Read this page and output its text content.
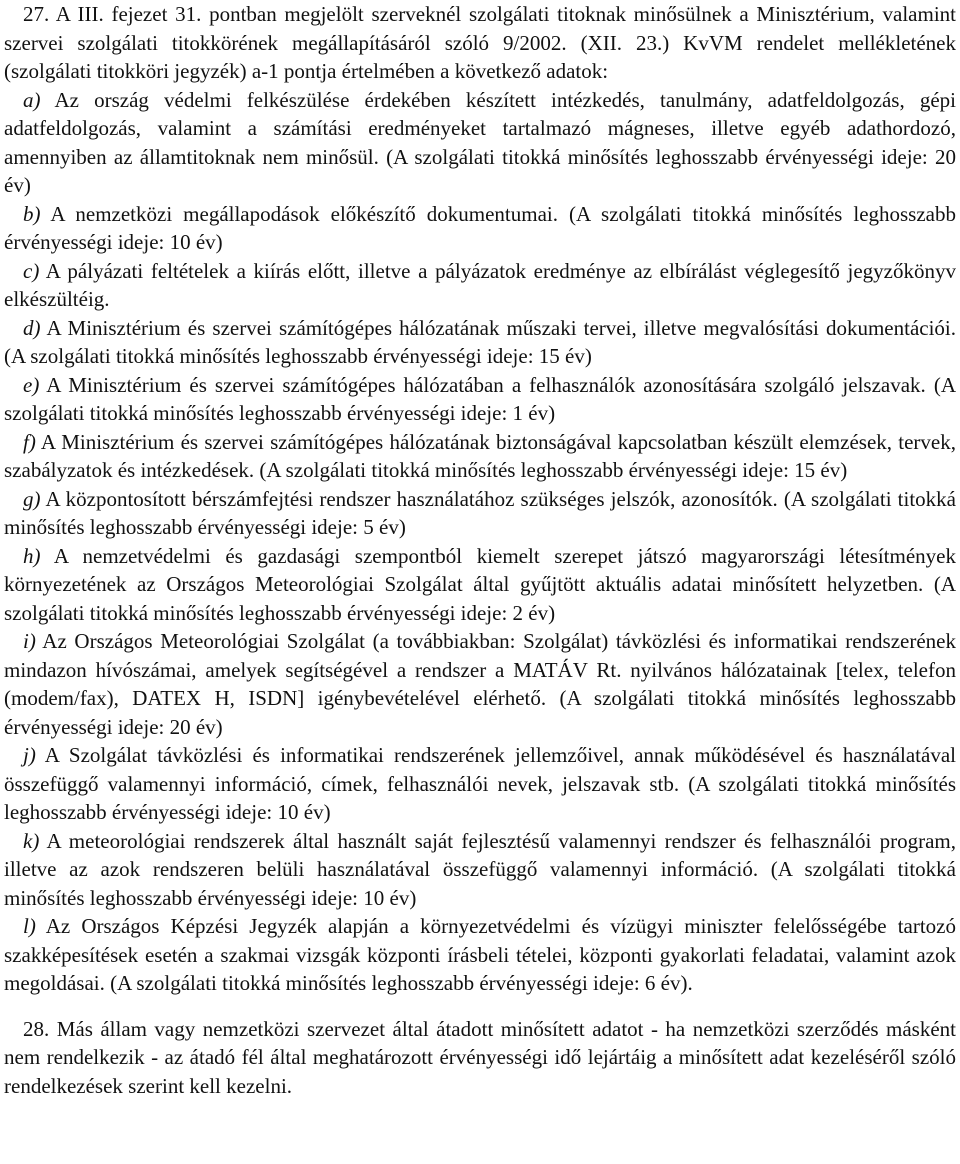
27. A III. fejezet 31. pontban megjelölt szerveknél szolgálati titoknak minősülnek a Minisztérium, valamint szervei szolgálati titokkörének megállapításáról szóló 9/2002. (XII. 23.) KvVM rendelet mellékletének (szolgálati titokköri jegyzék) a-1 pontja értelmében a következő adatok:

a) Az ország védelmi felkészülése érdekében készített intézkedés, tanulmány, adatfeldolgozás, gépi adatfeldolgozás, valamint a számítási eredményeket tartalmazó mágneses, illetve egyéb adathordozó, amennyiben az államtitoknak nem minősül. (A szolgálati titokká minősítés leghosszabb érvényességi ideje: 20 év)

b) A nemzetközi megállapodások előkészítő dokumentumai. (A szolgálati titokká minősítés leghosszabb érvényességi ideje: 10 év)

c) A pályázati feltételek a kiírás előtt, illetve a pályázatok eredménye az elbírálást véglegesítő jegyzőkönyv elkészültéig.

d) A Minisztérium és szervei számítógépes hálózatának műszaki tervei, illetve megvalósítási dokumentációi. (A szolgálati titokká minősítés leghosszabb érvényességi ideje: 15 év)

e) A Minisztérium és szervei számítógépes hálózatában a felhasználók azonosítására szolgáló jelszavak. (A szolgálati titokká minősítés leghosszabb érvényességi ideje: 1 év)

f) A Minisztérium és szervei számítógépes hálózatának biztonságával kapcsolatban készült elemzések, tervek, szabályzatok és intézkedések. (A szolgálati titokká minősítés leghosszabb érvényességi ideje: 15 év)

g) A központosított bérszámfejtési rendszer használatához szükséges jelszók, azonosítók. (A szolgálati titokká minősítés leghosszabb érvényességi ideje: 5 év)

h) A nemzetvédelmi és gazdasági szempontból kiemelt szerepet játszó magyarországi létesítmények környezetének az Országos Meteorológiai Szolgálat által gyűjtött aktuális adatai minősített helyzetben. (A szolgálati titokká minősítés leghosszabb érvényességi ideje: 2 év)

i) Az Országos Meteorológiai Szolgálat (a továbbiakban: Szolgálat) távközlési és informatikai rendszerének mindazon hívószámai, amelyek segítségével a rendszer a MATÁV Rt. nyilvános hálózatainak [telex, telefon (modem/fax), DATEX H, ISDN] igénybevételével elérhető. (A szolgálati titokká minősítés leghosszabb érvényességi ideje: 20 év)

j) A Szolgálat távközlési és informatikai rendszerének jellemzőivel, annak működésével és használatával összefüggő valamennyi információ, címek, felhasználói nevek, jelszavak stb. (A szolgálati titokká minősítés leghosszabb érvényességi ideje: 10 év)

k) A meteorológiai rendszerek által használt saját fejlesztésű valamennyi rendszer és felhasználói program, illetve az azok rendszeren belüli használatával összefüggő valamennyi információ. (A szolgálati titokká minősítés leghosszabb érvényességi ideje: 10 év)

l) Az Országos Képzési Jegyzék alapján a környezetvédelmi és vízügyi miniszter felelősségébe tartozó szakképesítések esetén a szakmai vizsgák központi írásbeli tételei, központi gyakorlati feladatai, valamint azok megoldásai. (A szolgálati titokká minősítés leghosszabb érvényességi ideje: 6 év).

28. Más állam vagy nemzetközi szervezet által átadott minősített adatot - ha nemzetközi szerződés másként nem rendelkezik - az átadó fél által meghatározott érvényességi idő lejártáig a minősített adat kezeléséről szóló rendelkezések szerint kell kezelni.
